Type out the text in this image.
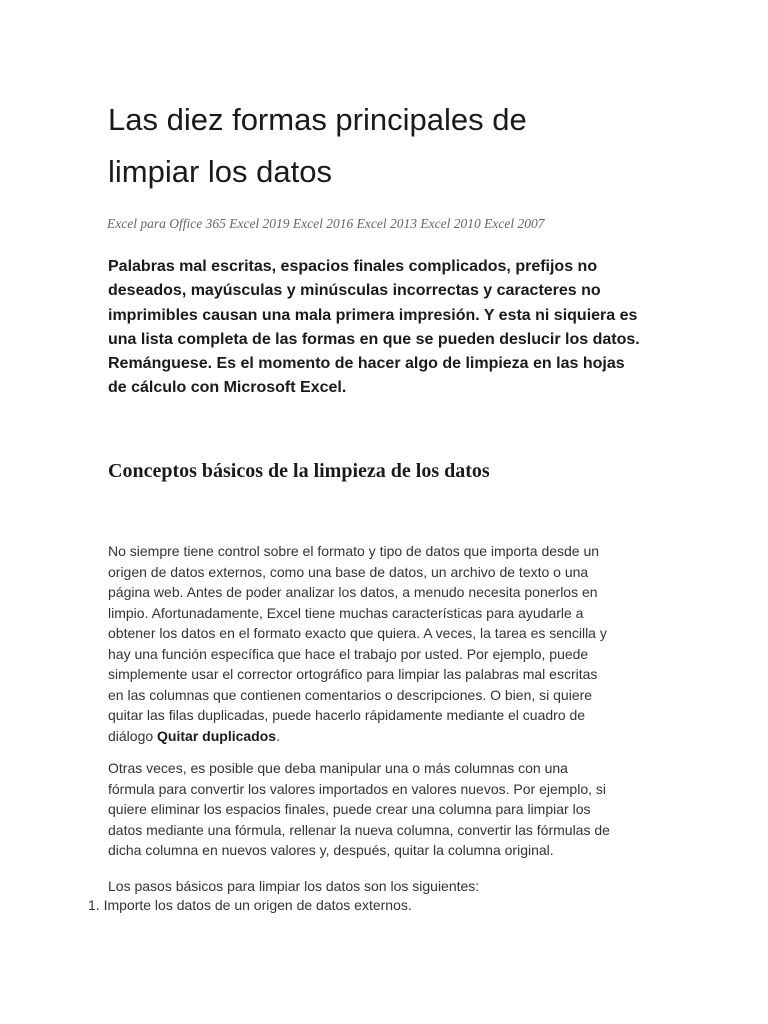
Las diez formas principales de
limpiar los datos
Excel para Office 365 Excel 2019 Excel 2016 Excel 2013 Excel 2010 Excel 2007

Palabras mal escritas, espacios finales complicados, prefijos no
deseados, mayúsculas y minúsculas incorrectas y caracteres no
imprimibles causan una mala primera impresión. Y esta ni siquiera es
una lista completa de las formas en que se pueden deslucir los datos.
Remánguese. Es el momento de hacer algo de limpieza en las hojas
de cálculo con Microsoft Excel.

Conceptos básicos de la limpieza de los datos

No siempre tiene control sobre el formato y tipo de datos que importa desde un
origen de datos externos, como una base de datos, un archivo de texto o una
página web. Antes de poder analizar los datos, a menudo necesita ponerlos en
limpio. Afortunadamente, Excel tiene muchas características para ayudarle a
obtener los datos en el formato exacto que quiera. A veces, la tarea es sencilla y
hay una función específica que hace el trabajo por usted. Por ejemplo, puede
simplemente usar el corrector ortográfico para limpiar las palabras mal escritas
en las columnas que contienen comentarios o descripciones. O bien, si quiere
quitar las filas duplicadas, puede hacerlo rápidamente mediante el cuadro de
diálogo Quitar duplicados.

Otras veces, es posible que deba manipular una o más columnas con una
fórmula para convertir los valores importados en valores nuevos. Por ejemplo, si
quiere eliminar los espacios finales, puede crear una columna para limpiar los
datos mediante una fórmula, rellenar la nueva columna, convertir las fórmulas de
dicha columna en nuevos valores y, después, quitar la columna original.

Los pasos básicos para limpiar los datos son los siguientes:

1. Importe los datos de un origen de datos externos.
